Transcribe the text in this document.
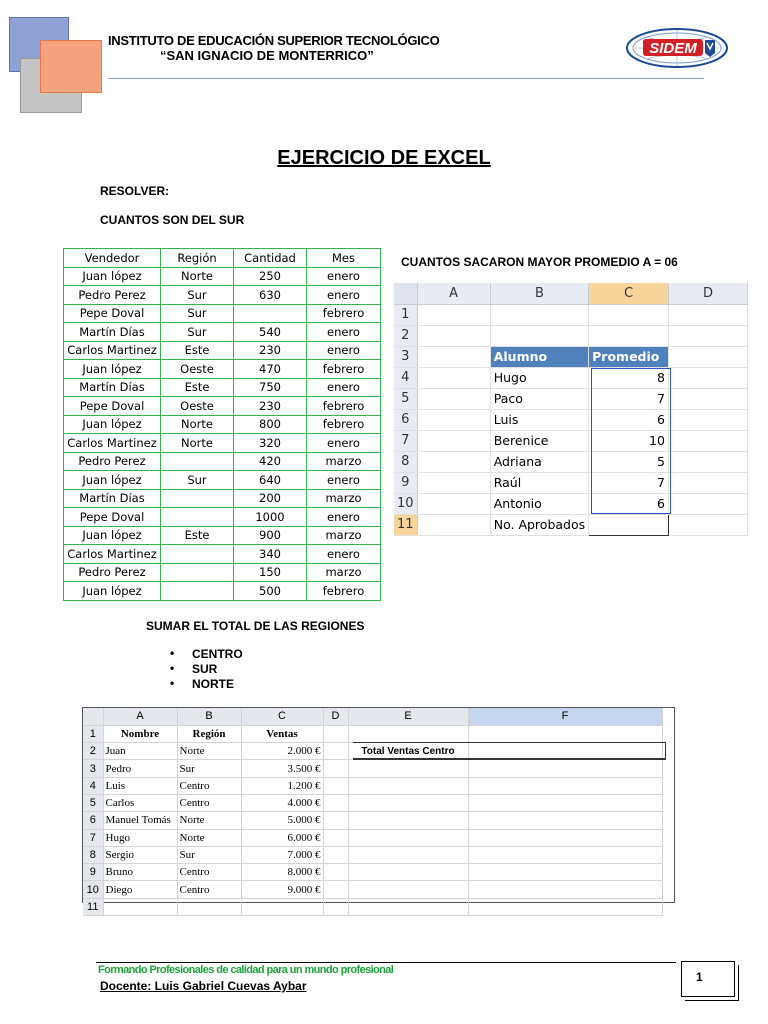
INSTITUTO DE EDUCACIÓN SUPERIOR TECNOLÓGICO
“SAN IGNACIO DE MONTERRICO”	SIDEM
EJERCICIO DE EXCEL
RESOLVER:
CUANTOS SON DEL SUR
CUANTOS SACARON MAYOR PROMEDIO A = 06
SUMAR EL TOTAL DE LAS REGIONES
Vendedor	Región	Cantidad	Mes
Juan lópez	Norte	250	enero
Pedro Perez	Sur	630	enero
Pepe Doval	Sur		febrero
Martín Días	Sur	540	enero
Carlos Martinez	Este	230	enero
Juan lópez	Oeste	470	febrero
Martín Días	Este	750	enero
Pepe Doval	Oeste	230	febrero
Juan lópez	Norte	800	febrero
Carlos Martinez	Norte	320	enero
Pedro Perez		420	marzo
Juan lópez	Sur	640	enero
Martín Días		200	marzo
Pepe Doval		1000	enero
Juan lópez	Este	900	marzo
Carlos Martinez		340	enero
Pedro Perez		150	marzo
Juan lópez		500	febrero
	A	B	C	D
1				
2				
3		Alumno	Promedio	
4		Hugo	8	
5		Paco	7	
6		Luis	6	
7		Berenice	10	
8		Adriana	5	
9		Raúl	7	
10		Antonio	6	
11		No. Aprobados		
• CENTRO
• SUR
• NORTE
	A	B	C	D	E	F
1	Nombre	Región	Ventas			
2	Juan	Norte	2.000 €		Total Ventas Centro	
3	Pedro	Sur	3.500 €			
4	Luis	Centro	1.200 €			
5	Carlos	Centro	4.000 €			
6	Manuel Tomás	Norte	5.000 €			
7	Hugo	Norte	6.000 €			
8	Sergio	Sur	7.000 €			
9	Bruno	Centro	8.000 €			
10	Diego	Centro	9.000 €			
11						
Formando Profesionales de calidad para un mundo profesional
Docente: Luis Gabriel Cuevas Aybar
1
